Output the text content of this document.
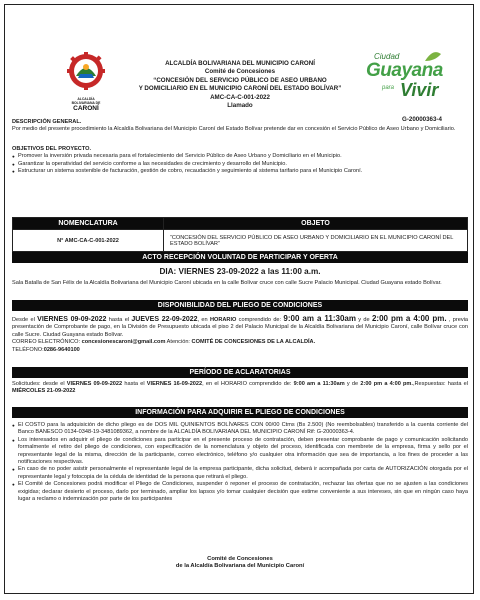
ALCALDÍA
BOLIVARIANA DE
CARONÍ
Ciudad
Guayana
para Vivir
ALCALDÍA BOLIVARIANA DEL MUNICIPIO CARONÍ
Comité de Concesiones
“CONCESIÓN DEL SERVICIO PÚBLICO DE ASEO URBANO
Y DOMICILIARIO EN EL MUNICIPIO CARONÍ DEL ESTADO BOLÍVAR”
AMC-CA-C-001-2022
Llamado
G-20000363-4
DESCRIPCIÓN GENERAL.
Por medio del presente procedimiento la Alcaldía Bolivariana del Municipio Caroní del Estado Bolívar pretende dar en concesión el Servicio Público de Aseo Urbano y Domiciliario.
OBJETIVOS DEL PROYECTO.
● Promover la inversión privada necesaria para el fortalecimiento del Servicio Público de Aseo Urbano y Domiciliario en el Municipio.
● Garantizar la operatividad del servicio conforme a las necesidades de crecimiento y desarrollo del Municipio.
● Estructurar un sistema sostenible de facturación, gestión de cobro, recaudación y seguimiento al sistema tarifario para el Municipio Caroní.
NOMENCLATURA	OBJETO
N° AMC-CA-C-001-2022	“CONCESIÓN DEL SERVICIO PÚBLICO DE ASEO URBANO Y DOMICILIARIO EN EL MUNICIPIO CARONÍ DEL ESTADO BOLÍVAR”
ACTO RECEPCIÓN VOLUNTAD DE PARTICIPAR Y OFERTA
DIA: VIERNES 23-09-2022 a las 11:00 a.m.
Sala Batalla de San Félix de la Alcaldía Bolivariana del Municipio Caroní ubicada en la calle Bolívar cruce con calle Sucre Palacio Municipal. Ciudad Guayana estado Bolívar.
DISPONIBILIDAD DEL PLIEGO DE CONDICIONES
Desde el VIERNES 09-09-2022 hasta el JUEVES 22-09-2022, en HORARIO comprendido de: 9:00 am a 11:30am y de 2:00 pm a 4:00 pm. , previa presentación de Comprobante de pago, en la División de Presupuesto ubicada el piso 2 del Palacio Municipal de la Alcaldía Bolivariana del Municipio Caroní, calle Bolívar cruce con calle Sucre. Ciudad Guayana estado Bolívar.
CORREO ELECTRÓNICO: concesionescaroni@gmail.com Atención: COMITÉ DE CONCESIONES DE LA ALCALDÍA.
TELÉFONO:0286-9640100
PERÍODO DE ACLARATORIAS
Solicitudes: desde el VIERNES 09-09-2022 hasta el VIERNES 16-09-2022, en el HORARIO comprendido de: 9:00 am a 11:30am y de 2:00 pm a 4:00 pm.,Respuestas: hasta el MIÉRCOLES 21-09-2022
INFORMACIÓN PARA ADQUIRIR EL PLIEGO DE CONDICIONES
● El COSTO para la adquisición de dicho pliego es de DOS MIL QUINIENTOS BOLÍVARES CON 00/00 Ctms (Bs 2.500) (No reembolsables) transferido a la cuenta corriente del Banco BANESCO 0134-0348-19-3481089362, a nombre de la ALCALDÍA BOLIVARIANA DEL MUNICIPIO CARONÍ Rif: G-20000363-4.
● Los interesados en adquirir el pliego de condiciones para participar en el presente proceso de contratación, deben presentar comprobante de pago y comunicación solicitando formalmente el retiro del pliego de condiciones, con especificación de la nomenclatura y objeto del proceso, identificada con membrete de la empresa, firma y sello por el representante legal de la misma, dirección de la participante, correo electrónico, teléfono y/o cualquier otra información que sea de importancia, a los fines de proceder a las notificaciones respectivas.
● En caso de no poder asistir personalmente el representante legal de la empresa participante, dicha solicitud, deberá ir acompañada por carta de AUTORIZACIÓN otorgada por el representante legal y fotocopia de la cédula de identidad de la persona que retirará el pliego.
● El Comité de Concesiones podrá modificar el Pliego de Condiciones, suspender ó reponer el proceso de contratación, rechazar las ofertas que no se ajusten a las condiciones exigidas; declarar desierto el proceso, darlo por terminado, ampliar los lapsos y/o tomar cualquier decisión que estime conveniente a sus intereses, sin que en ningún caso haya lugar a reclamo o indemnización por parte de los participantes
Comité de Concesiones
de la Alcaldía Bolivariana del Municipio Caroní
